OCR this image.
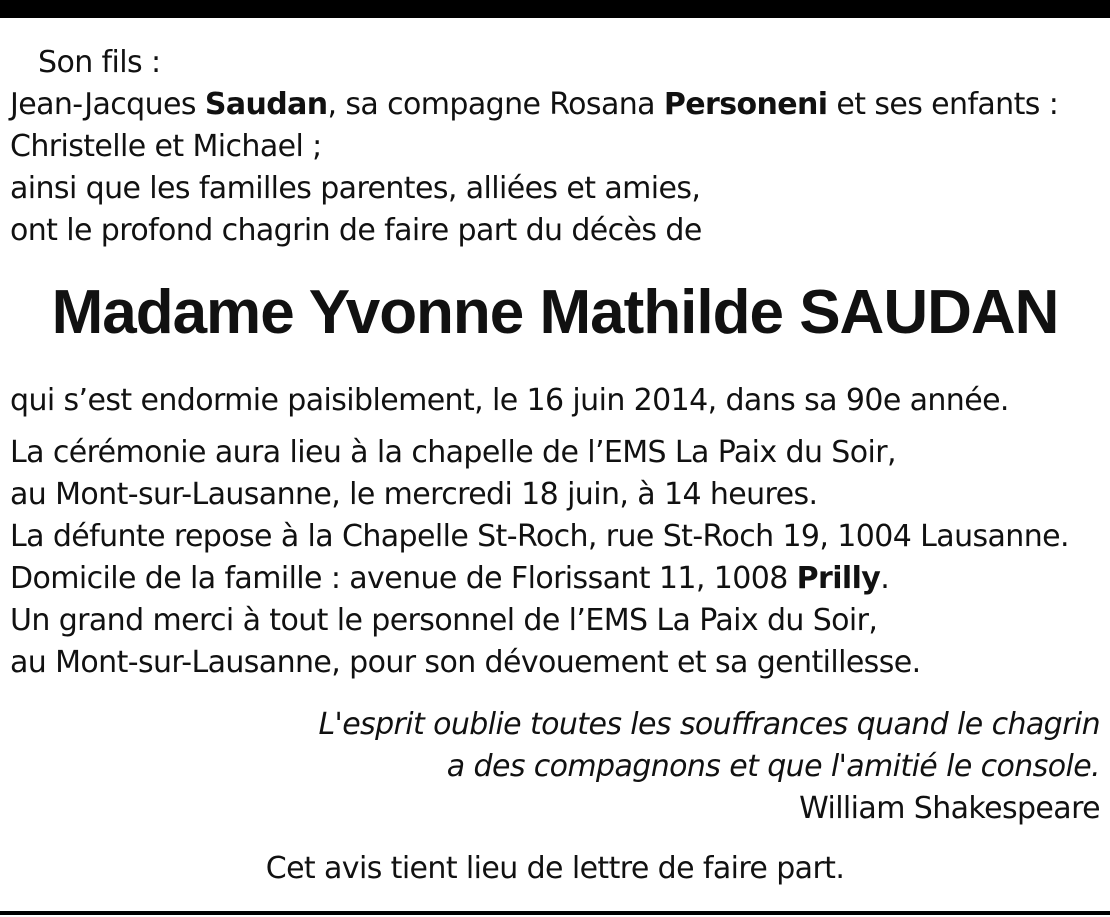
Son fils :
Jean-Jacques Saudan, sa compagne Rosana Personeni et ses enfants :
Christelle et Michael ;
ainsi que les familles parentes, alliées et amies,
ont le profond chagrin de faire part du décès de
Madame Yvonne Mathilde SAUDAN
qui s’est endormie paisiblement, le 16 juin 2014, dans sa 90e année.
La cérémonie aura lieu à la chapelle de l’EMS La Paix du Soir,
au Mont-sur-Lausanne, le mercredi 18 juin, à 14 heures.
La défunte repose à la Chapelle St-Roch, rue St-Roch 19, 1004 Lausanne.
Domicile de la famille : avenue de Florissant 11, 1008 Prilly.
Un grand merci à tout le personnel de l’EMS La Paix du Soir,
au Mont-sur-Lausanne, pour son dévouement et sa gentillesse.
L'esprit oublie toutes les souffrances quand le chagrin
a des compagnons et que l'amitié le console.
William Shakespeare
Cet avis tient lieu de lettre de faire part.
